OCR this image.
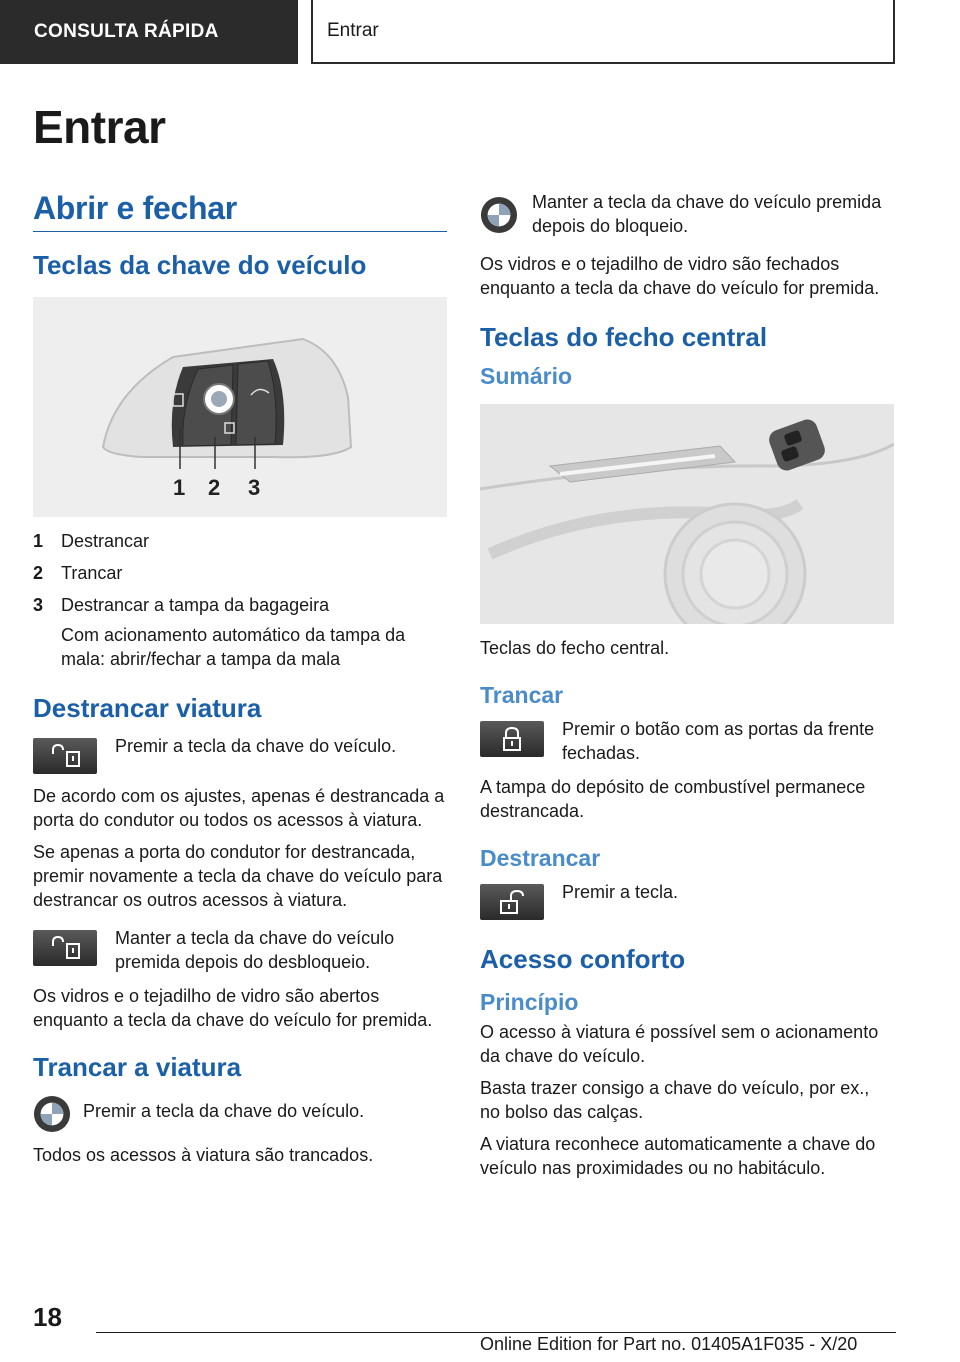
CONSULTA RÁPIDA	Entrar
Entrar
Abrir e fechar
Teclas da chave do veículo
1 2 3
1 Destrancar
2 Trancar
3 Destrancar a tampa da bagageira

Com acionamento automático da tampa da mala: abrir/fechar a tampa da mala

Destrancar viatura

Premir a tecla da chave do veículo.

De acordo com os ajustes, apenas é destrancada a porta do condutor ou todos os acessos à viatura.

Se apenas a porta do condutor for destrancada, premir novamente a tecla da chave do veículo para destrancar os outros acessos à viatura.

Manter a tecla da chave do veículo premida depois do desbloqueio.

Os vidros e o tejadilho de vidro são abertos enquanto a tecla da chave do veículo for premida.

Trancar a viatura

Premir a tecla da chave do veículo.

Todos os acessos à viatura são trancados.

Manter a tecla da chave do veículo premida depois do bloqueio.

Os vidros e o tejadilho de vidro são fechados enquanto a tecla da chave do veículo for premida.

Teclas do fecho central
Sumário

Teclas do fecho central.

Trancar

Premir o botão com as portas da frente fechadas.

A tampa do depósito de combustível permanece destrancada.

Destrancar

Premir a tecla.

Acesso conforto
Princípio

O acesso à viatura é possível sem o acionamento da chave do veículo.

Basta trazer consigo a chave do veículo, por ex., no bolso das calças.

A viatura reconhece automaticamente a chave do veículo nas proximidades ou no habitáculo.

18
Online Edition for Part no. 01405A1F035 - X/20
